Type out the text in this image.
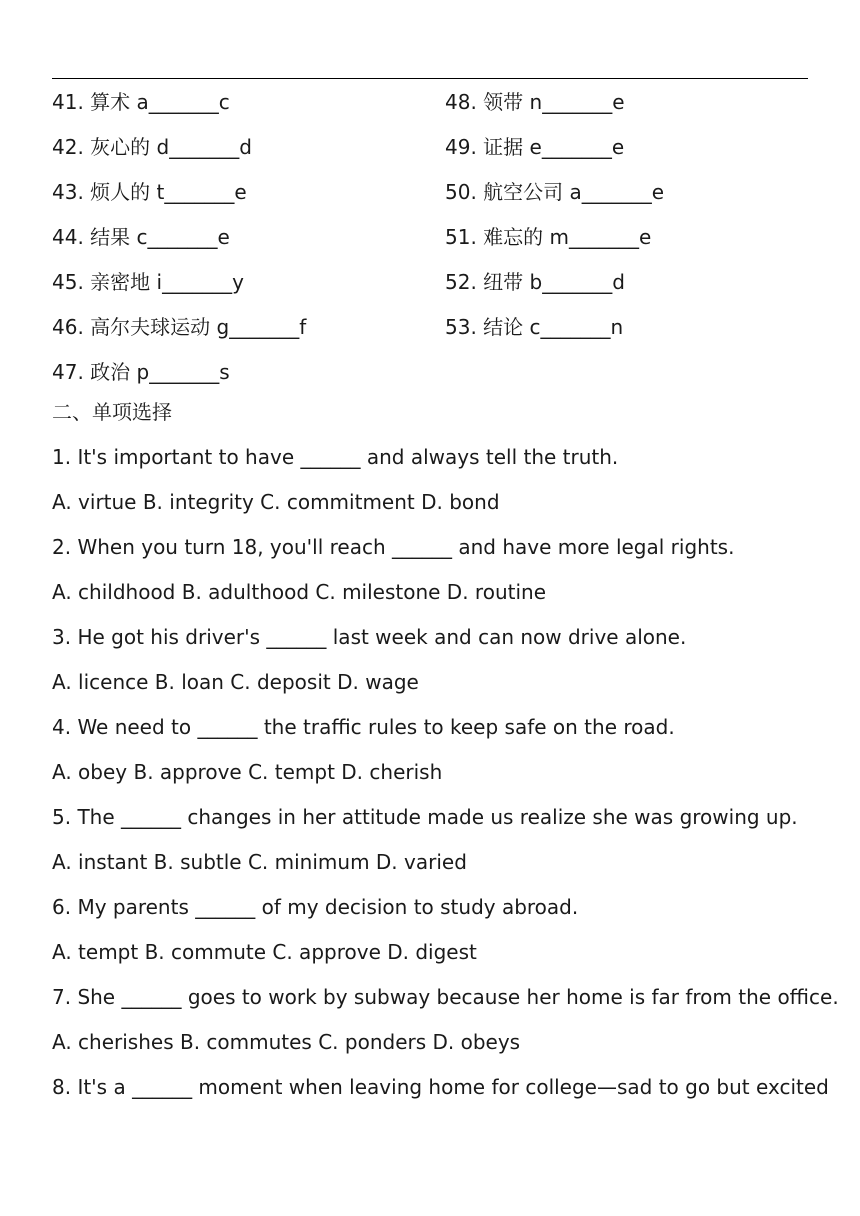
41. 算术 a_______c
42. 灰心的 d_______d
43. 烦人的 t_______e
44. 结果 c_______e
45. 亲密地 i_______y
46. 高尔夫球运动 g_______f
47. 政治 p_______s
48. 领带 n_______e
49. 证据 e_______e
50. 航空公司 a_______e
51. 难忘的 m_______e
52. 纽带 b_______d
53. 结论 c_______n
二、单项选择
1. It's important to have ______ and always tell the truth.
A. virtue B. integrity C. commitment D. bond
2. When you turn 18, you'll reach ______ and have more legal rights.
A. childhood B. adulthood C. milestone D. routine
3. He got his driver's ______ last week and can now drive alone.
A. licence B. loan C. deposit D. wage
4. We need to ______ the traffic rules to keep safe on the road.
A. obey B. approve C. tempt D. cherish
5. The ______ changes in her attitude made us realize she was growing up.
A. instant B. subtle C. minimum D. varied
6. My parents ______ of my decision to study abroad.
A. tempt B. commute C. approve D. digest
7. She ______ goes to work by subway because her home is far from the office.
A. cherishes B. commutes C. ponders D. obeys
8. It's a ______ moment when leaving home for college—sad to go but excited
